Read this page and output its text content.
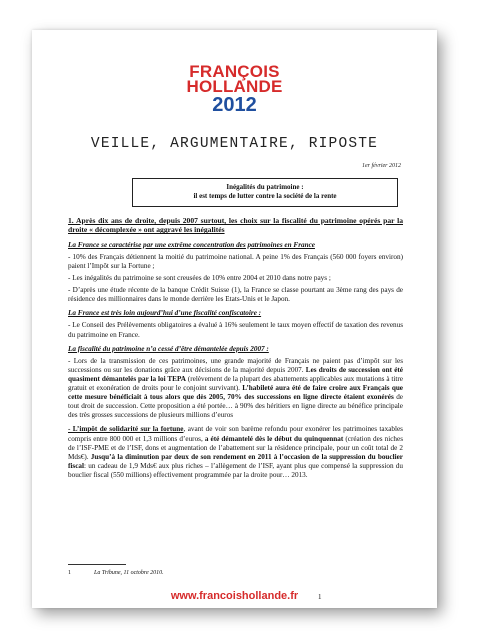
FRANÇOIS
HOLLANDE
2012
VEILLE, ARGUMENTAIRE, RIPOSTE
1er février 2012
Inégalités du patrimoine :
il est temps de lutter contre la société de la rente

1. Après dix ans de droite, depuis 2007 surtout, les choix sur la fiscalité du patrimoine opérés par la droite « décomplexée » ont aggravé les inégalités

La France se caractérise par une extrême concentration des patrimoines en France

- 10% des Français détiennent la moitié du patrimoine national. A peine 1% des Français (560 000 foyers environ) paient l’Impôt sur la Fortune ;

- Les inégalités du patrimoine se sont creusées de 10% entre 2004 et 2010 dans notre pays ;

- D’après une étude récente de la banque Crédit Suisse (1), la France se classe pourtant au 3ème rang des pays de résidence des millionnaires dans le monde derrière les Etats-Unis et le Japon.

La France est très loin aujourd’hui d’une fiscalité confiscatoire :

- Le Conseil des Prélèvements obligatoires a évalué à 16% seulement le taux moyen effectif de taxation des revenus du patrimoine en France.

La fiscalité du patrimoine n’a cessé d’être démantelée depuis 2007 :

- Lors de la transmission de ces patrimoines, une grande majorité de Français ne paient pas d’impôt sur les successions ou sur les donations grâce aux décisions de la majorité depuis 2007. Les droits de succession ont été quasiment démantelés par la loi TEPA (relèvement de la plupart des abattements applicables aux mutations à titre gratuit et exonération de droits pour le conjoint survivant). L’habileté aura été de faire croire aux Français que cette mesure bénéficiait à tous alors que dès 2005, 70% des successions en ligne directe étaient exonérés de tout droit de succession. Cette proposition a été portée… à 90% des héritiers en ligne directe au bénéfice principale des très grosses successions de plusieurs millions d’euros

- L’impôt de solidarité sur la fortune, avant de voir son barème refondu pour exonérer les patrimoines taxables compris entre 800 000 et 1,3 millions d’euros, a été démantelé dès le début du quinquennat (création des niches de l’ISF-PME et de l’ISF, dons et augmentation de l’abattement sur la résidence principale, pour un coût total de 2 Mds€). Jusqu’à la diminution par deux de son rendement en 2011 à l’occasion de la suppression du bouclier fiscal: un cadeau de 1,9 Mds€ aux plus riches – l’allègement de l’ISF, ayant plus que compensé la suppression du bouclier fiscal (550 millions) effectivement programmée par la droite pour… 2013.

1	La Tribune, 11 octobre 2010.
www.francoishollande.fr	1
